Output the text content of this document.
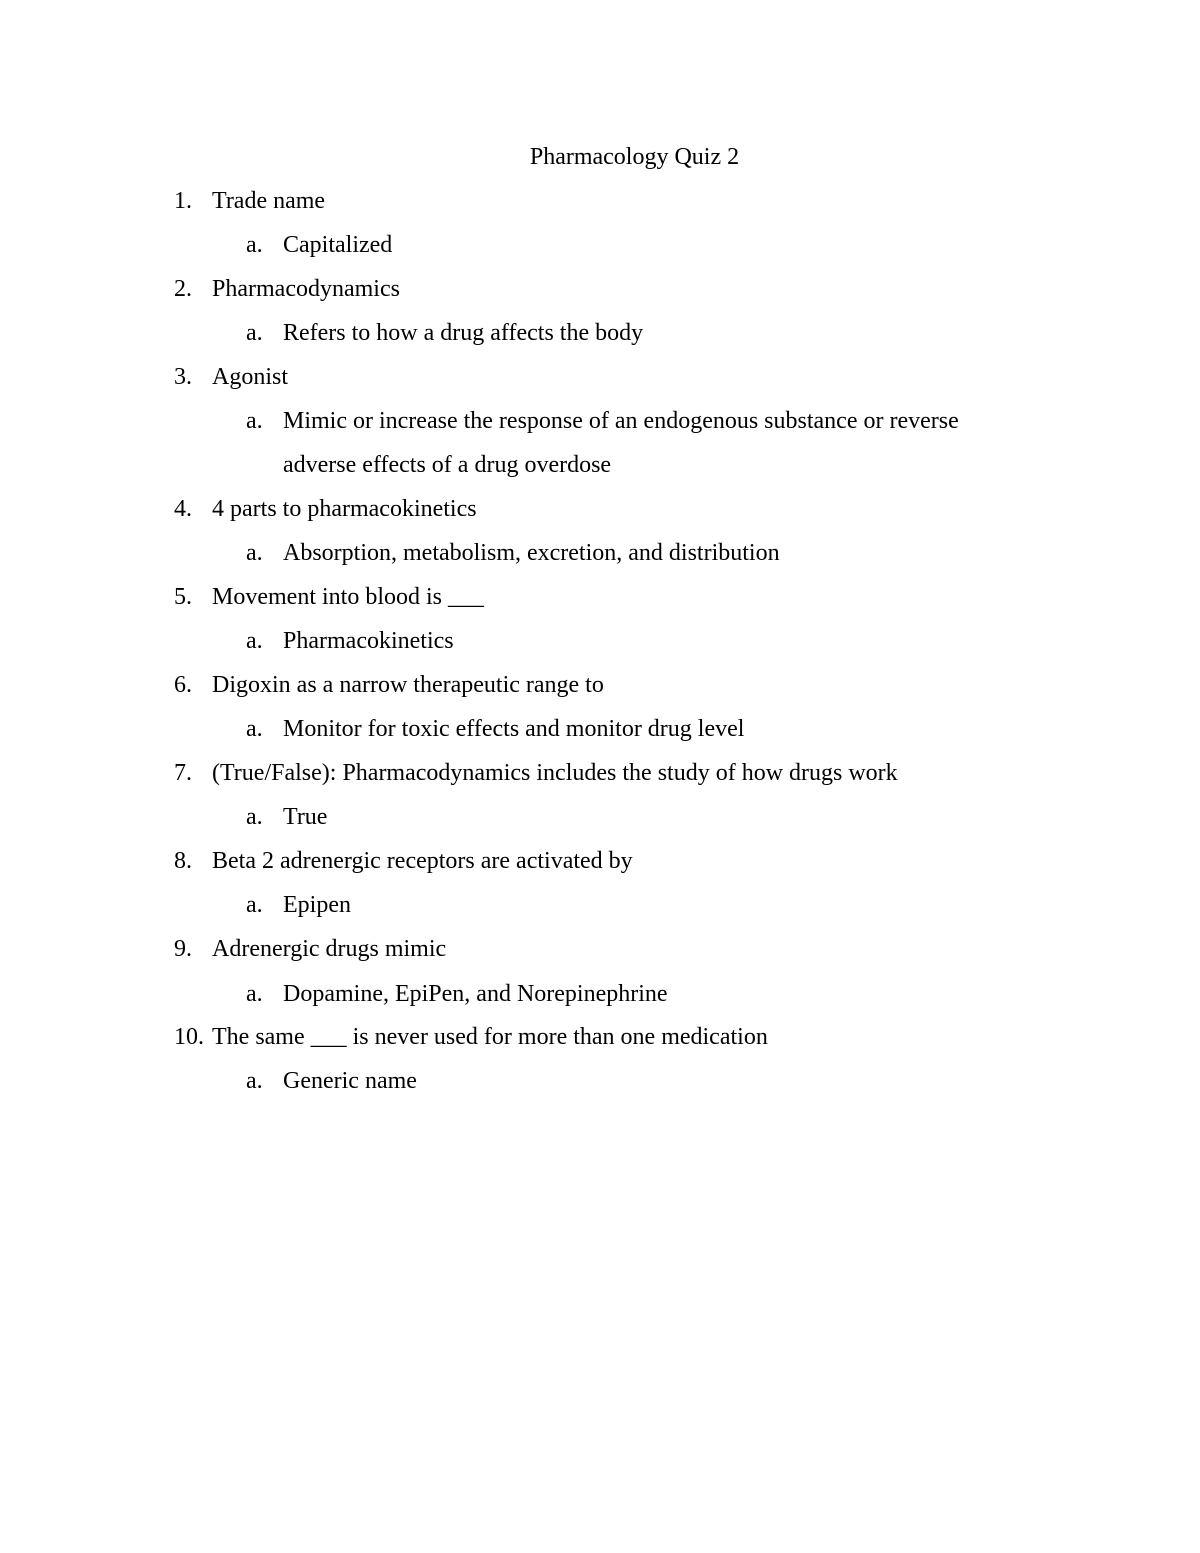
Pharmacology Quiz 2
1. Trade name
a. Capitalized
2. Pharmacodynamics
a. Refers to how a drug affects the body
3. Agonist
a. Mimic or increase the response of an endogenous substance or reverse
adverse effects of a drug overdose
4. 4 parts to pharmacokinetics
a. Absorption, metabolism, excretion, and distribution
5. Movement into blood is ___
a. Pharmacokinetics
6. Digoxin as a narrow therapeutic range to
a. Monitor for toxic effects and monitor drug level
7. (True/False): Pharmacodynamics includes the study of how drugs work
a. True
8. Beta 2 adrenergic receptors are activated by
a. Epipen
9. Adrenergic drugs mimic
a. Dopamine, EpiPen, and Norepinephrine
10. The same ___ is never used for more than one medication
a. Generic name
